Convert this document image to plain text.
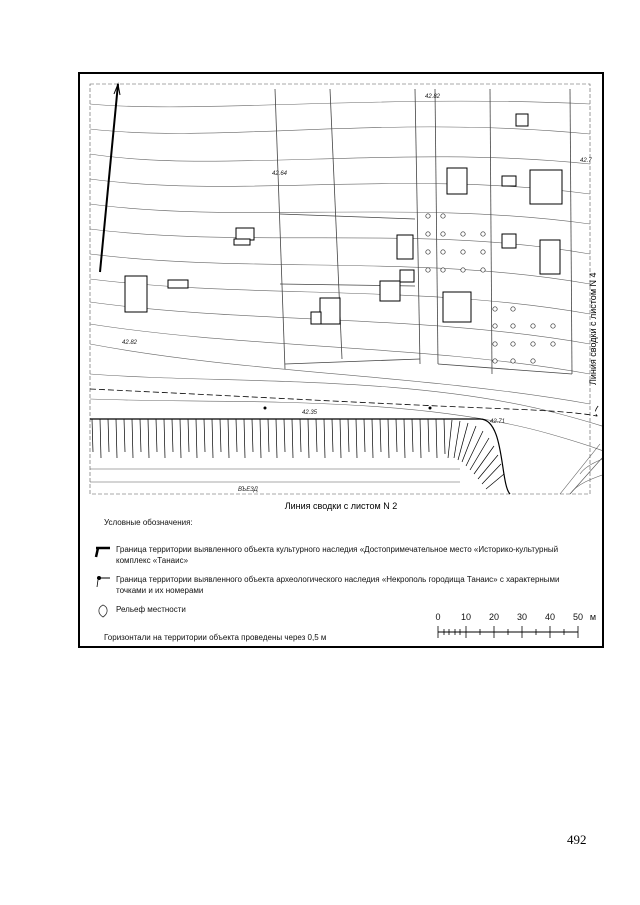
42.82
42.64
42.7
42.82
42.35
42.71
ВЪЕЗД
Линия сводки с листом N 2
Линия сводки с листом N 4
Условные обозначения:
Граница территории выявленного объекта культурного наследия «Достопримечательное место «Историко-культурный комплекс «Танаис»
Граница территории выявленного объекта археологического наследия «Некрополь городища Танаис» с характерными точками и их номерами
Рельеф местности
0 10 20 30 40 50 м
Горизонтали на территории объекта проведены через 0,5 м
492
